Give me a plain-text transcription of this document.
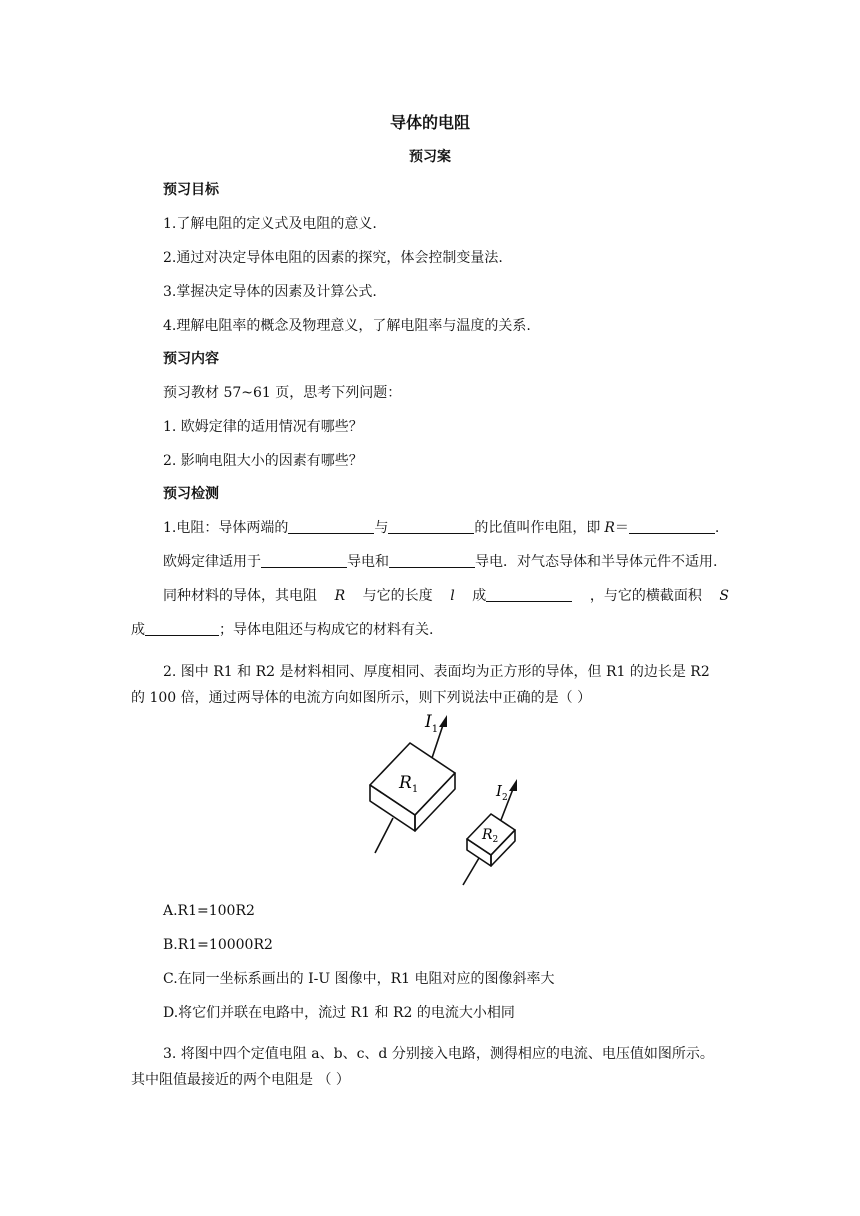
导体的电阻
预习案
预习目标
1.了解电阻的定义式及电阻的意义.
2.通过对决定导体电阻的因素的探究，体会控制变量法.
3.掌握决定导体的因素及计算公式.
4.理解电阻率的概念及物理意义，了解电阻率与温度的关系.
预习内容
预习教材 57~61 页，思考下列问题：
1. 欧姆定律的适用情况有哪些？
2. 影响电阻大小的因素有哪些？
预习检测
1.电阻：导体两端的	与	的比值叫作电阻，即 R＝	.
欧姆定律适用于	导电和	导电．对气态导体和半导体元件不适用.
同种材料的导体，其电阻 R 与它的长度 l 成	，与它的横截面积 S
成	；导体电阻还与构成它的材料有关.
2. 图中 R1 和 R2 是材料相同、厚度相同、表面均为正方形的导体，但 R1 的边长是 R2
的 100 倍，通过两导体的电流方向如图所示，则下列说法中正确的是（ ）
$R_1$
$R_2$
$I_1$
$I_2$
A.R1=100R2
B.R1=10000R2
C.在同一坐标系画出的 I-U 图像中，R1 电阻对应的图像斜率大
D.将它们并联在电路中，流过 R1 和 R2 的电流大小相同
3. 将图中四个定值电阻 a、b、c、d 分别接入电路，测得相应的电流、电压值如图所示。
其中阻值最接近的两个电阻是 （ ）
